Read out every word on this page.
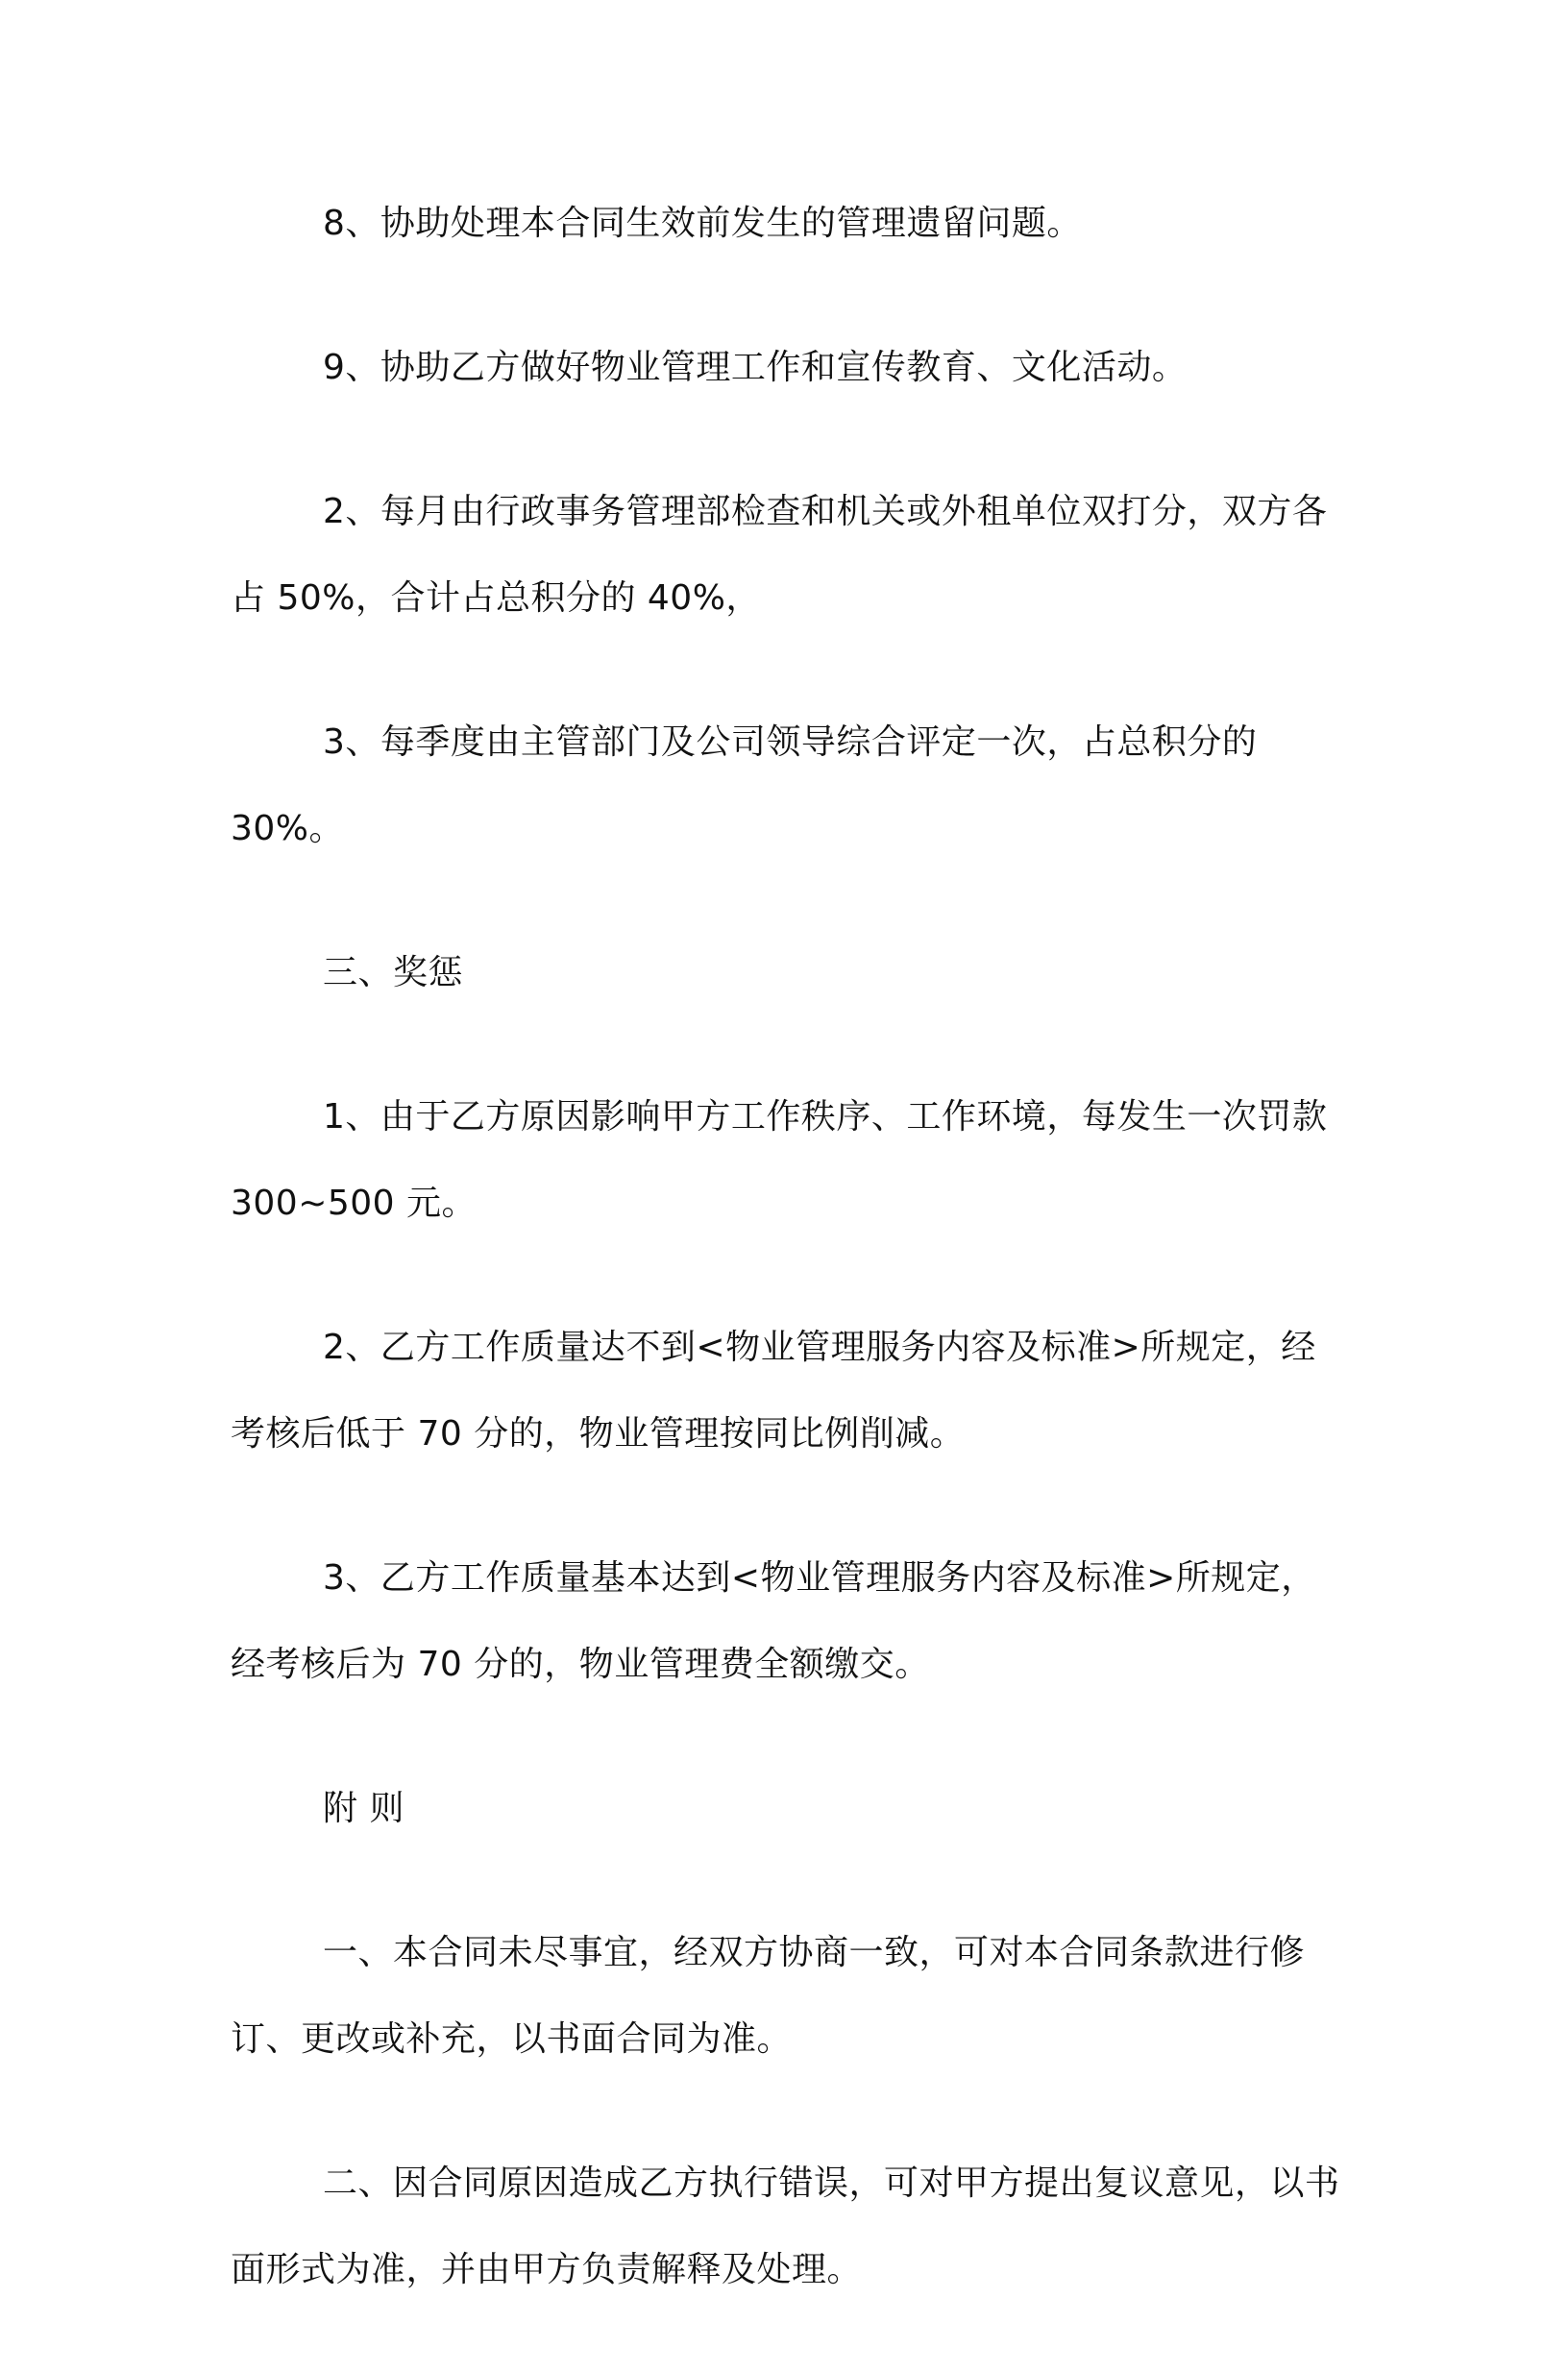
8、协助处理本合同生效前发生的管理遗留问题。

9、协助乙方做好物业管理工作和宣传教育、文化活动。

2、每月由行政事务管理部检查和机关或外租单位双打分，双方各占 50%，合计占总积分的 40%，

3、每季度由主管部门及公司领导综合评定一次，占总积分的 30%。

三、奖惩

1、由于乙方原因影响甲方工作秩序、工作环境，每发生一次罚款 300~500 元。

2、乙方工作质量达不到<物业管理服务内容及标准>所规定，经考核后低于 70 分的，物业管理按同比例削减。

3、乙方工作质量基本达到<物业管理服务内容及标准>所规定，经考核后为 70 分的，物业管理费全额缴交。

附 则

一、本合同未尽事宜，经双方协商一致，可对本合同条款进行修订、更改或补充，以书面合同为准。

二、因合同原因造成乙方执行错误，可对甲方提出复议意见，以书面形式为准，并由甲方负责解释及处理。
